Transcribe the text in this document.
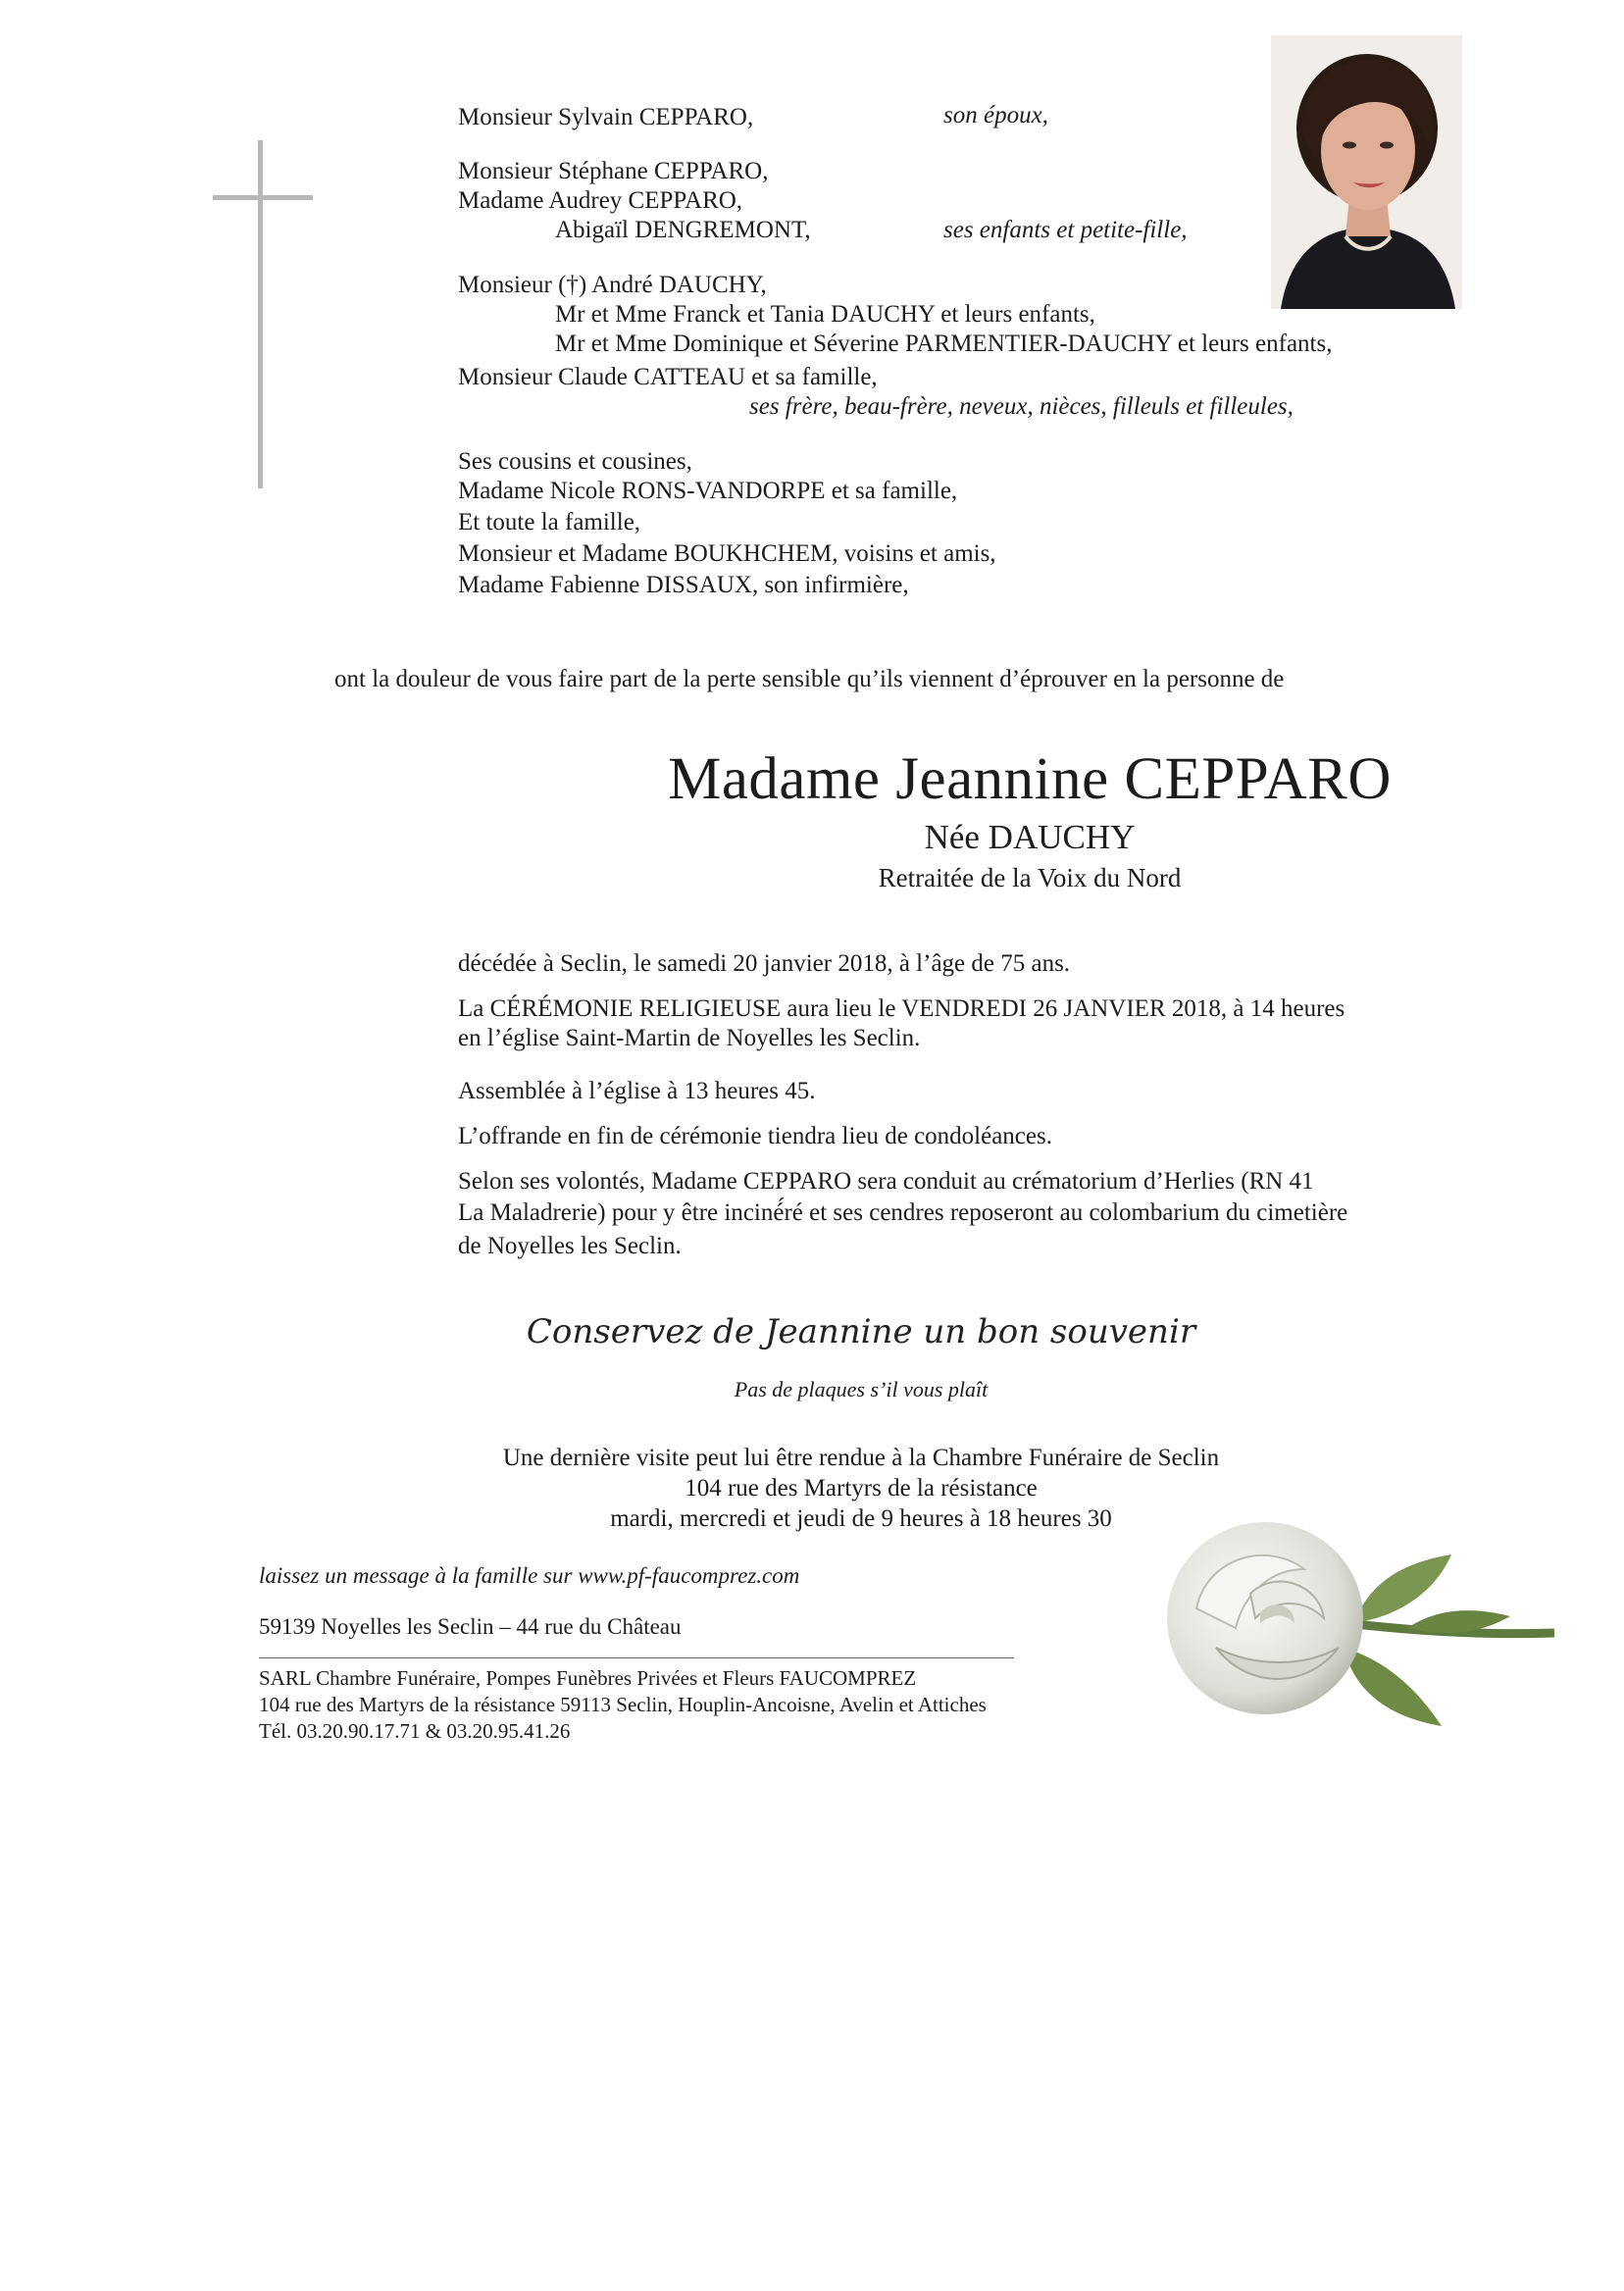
Monsieur Sylvain CEPPARO,	son époux,
Monsieur Stéphane CEPPARO,
Madame Audrey CEPPARO,
Abigaïl DENGREMONT,	ses enfants et petite-fille,
Monsieur (†) André DAUCHY,
Mr et Mme Franck et Tania DAUCHY et leurs enfants,
Mr et Mme Dominique et Séverine PARMENTIER-DAUCHY et leurs enfants,
Monsieur Claude CATTEAU et sa famille,
ses frère, beau-frère, neveux, nièces, filleuls et filleules,
Ses cousins et cousines,
Madame Nicole RONS-VANDORPE et sa famille,
Et toute la famille,
Monsieur et Madame BOUKHCHEM, voisins et amis,
Madame Fabienne DISSAUX, son infirmière,
ont la douleur de vous faire part de la perte sensible qu’ils viennent d’éprouver en la personne de
Madame Jeannine CEPPARO
Née DAUCHY
Retraitée de la Voix du Nord
décédée à Seclin, le samedi 20 janvier 2018, à l’âge de 75 ans.
La CÉRÉMONIE RELIGIEUSE aura lieu le VENDREDI 26 JANVIER 2018, à 14 heures
en l’église Saint-Martin de Noyelles les Seclin.
Assemblée à l’église à 13 heures 45.
L’offrande en fin de cérémonie tiendra lieu de condoléances.
Selon ses volontés, Madame CEPPARO sera conduit au crématorium d’Herlies (RN 41
La Maladrerie) pour y être inciné́ré et ses cendres reposeront au colombarium du cimetière
de Noyelles les Seclin.
Conservez de Jeannine un bon souvenir
Pas de plaques s’il vous plaît
Une dernière visite peut lui être rendue à la Chambre Funéraire de Seclin
104 rue des Martyrs de la résistance
mardi, mercredi et jeudi de 9 heures à 18 heures 30
laissez un message à la famille sur www.pf-faucomprez.com
59139 Noyelles les Seclin – 44 rue du Château
SARL Chambre Funéraire, Pompes Funèbres Privées et Fleurs FAUCOMPREZ
104 rue des Martyrs de la résistance 59113 Seclin, Houplin-Ancoisne, Avelin et Attiches
Tél. 03.20.90.17.71 & 03.20.95.41.26
